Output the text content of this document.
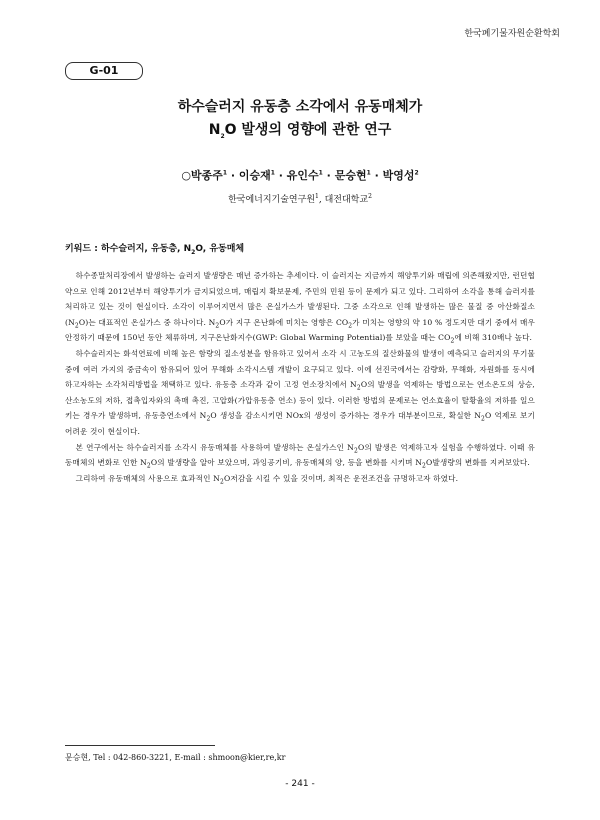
한국폐기물자원순환학회
G-01
하수슬러지 유동층 소각에서 유동매체가
$N_2O$ 발생의 영향에 관한 연구
○박종주$^1$ · 이승재$^1$ · 유인수$^1$ · 문승현$^1$ · 박영성$^2$
한국에너지기술연구원$^1$, 대전대학교$^2$
키워드 : 하수슬러지, 유동층, $N_2O$, 유동매체

하수종말처리장에서 발생하는 슬러지 발생량은 매년 증가하는 추세이다. 이 슬러지는 지금까지 해양투기와 매립에 의존해왔지만, 런던협약으로 인해 2012년부터 해양투기가 금지되었으며, 매립지 확보문제, 주민의 민원 등이 문제가 되고 있다. 그리하여 소각을 통해 슬러지를 처리하고 있는 것이 현실이다. 소각이 이루어지면서 많은 온실가스가 발생된다. 그중 소각으로 인해 발생하는 많은 물질 중 아산화질소$(N_2O)$는 대표적인 온실가스 중 하나이다. $N_2O$가 지구 온난화에 미치는 영향은 $CO_2$가 미치는 영향의 약 10 % 정도지만 대기 중에서 매우 안정하기 때문에 150년 동안 체류하며, 지구온난화지수(GWP: Global Warming Potential)를 보았을 때는 $CO_2$에 비해 310배나 높다.

하수슬러지는 화석연료에 비해 높은 함량의 질소성분을 함유하고 있어서 소각 시 고농도의 질산화물의 발생이 예측되고 슬러지의 무기물 중에 여러 가지의 중금속이 함유되어 있어 무해화 소각시스템 개발이 요구되고 있다. 이에 선진국에서는 감량화, 무해화, 자원화를 동시에 하고자하는 소각처리방법을 채택하고 있다. 유동층 소각과 같이 고정 연소장치에서 $N_2O$의 발생을 억제하는 방법으로는 연소온도의 상승, 산소농도의 저하, 접촉입자와의 촉매 촉진, 고압화(가압유동층 연소) 등이 있다. 이러한 방법의 문제로는 연소효율이 탈황율의 저하를 일으키는 경우가 발생하며, 유동층연소에서 $N_2O$ 생성을 감소시키면 NOx의 생성이 증가하는 경우가 대부분이므로, 확실한 $N_2O$ 억제로 보기 어려운 것이 현실이다.

본 연구에서는 하수슬러지를 소각시 유동매체를 사용하여 발생하는 온실가스인 $N_2O$의 발생은 억제하고자 실험을 수행하였다. 이때 유동매체의 변화로 인한 $N_2O$의 발생량을 알아 보았으며, 과잉공기비, 유동매체의 양, 등을 변화를 시키며 $N_2O$발생량의 변화를 지켜보았다.

그리하여 유동매체의 사용으로 효과적인 $N_2O$저감을 시킬 수 있을 것이며, 최적은 운전조건을 규명하고자 하였다.

문승현, Tel : 042-860-3221, E-mail : shmoon@kier,re,kr
- 241 -
